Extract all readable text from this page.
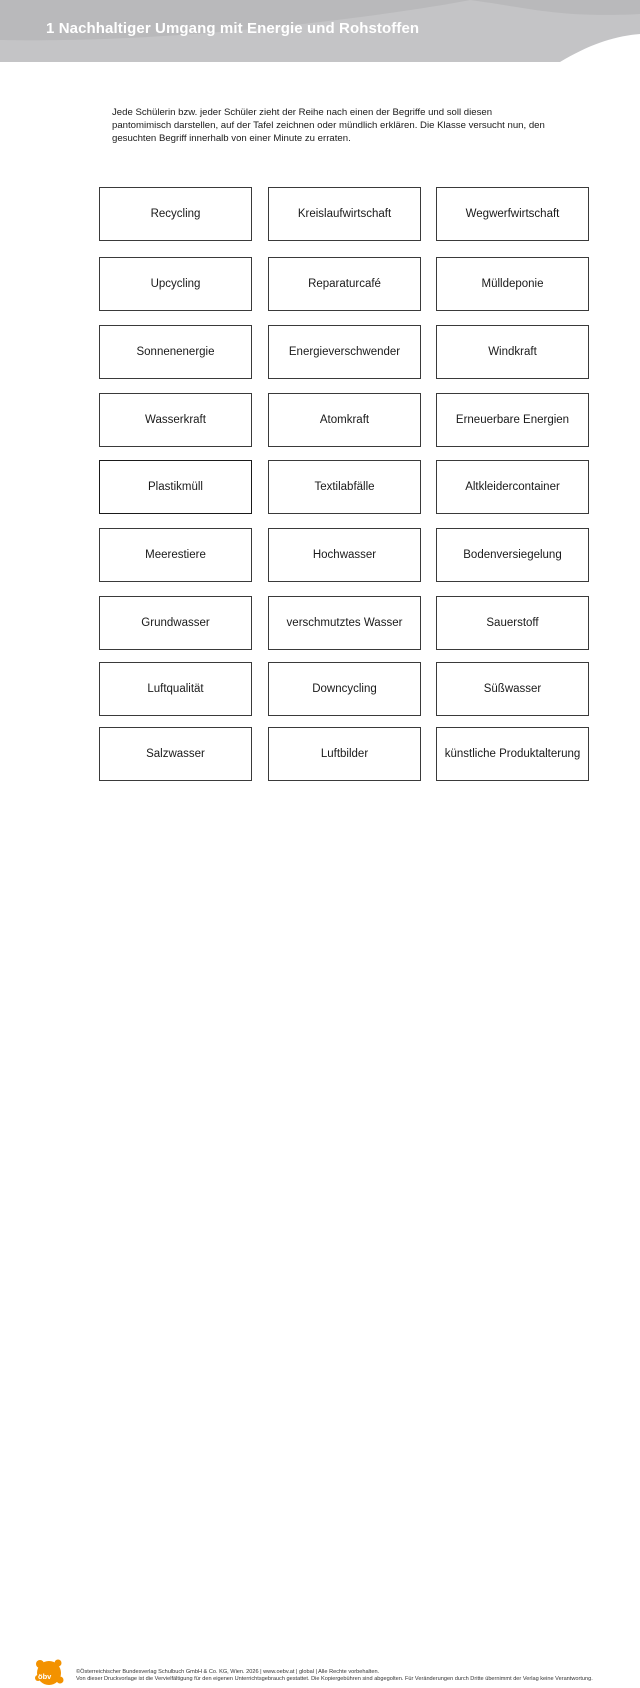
1 Nachhaltiger Umgang mit Energie und Rohstoffen
Jede Schülerin bzw. jeder Schüler zieht der Reihe nach einen der Begriffe und soll diesen pantomimisch darstellen, auf der Tafel zeichnen oder mündlich erklären. Die Klasse versucht nun, den gesuchten Begriff innerhalb von einer Minute zu erraten.
Recycling	Kreislaufwirtschaft	Wegwerfwirtschaft
Upcycling	Reparaturcafé	Mülldeponie
Sonnenenergie	Energieverschwender	Windkraft
Wasserkraft	Atomkraft	Erneuerbare Energien
Plastikmüll	Textilabfälle	Altkleidercontainer
Meerestiere	Hochwasser	Bodenversiegelung
Grundwasser	verschmutztes Wasser	Sauerstoff
Luftqualität	Downcycling	Süßwasser
Salzwasser	Luftbilder	künstliche Produktalterung
öbv	©Österreichischer Bundesverlag Schulbuch GmbH & Co. KG, Wien. 2026 | www.oebv.at | global | Alle Rechte vorbehalten.
Von dieser Druckvorlage ist die Vervielfältigung für den eigenen Unterrichtsgebrauch gestattet. Die Kopiergebühren sind abgegolten. Für Veränderungen durch Dritte übernimmt der Verlag keine Verantwortung.
